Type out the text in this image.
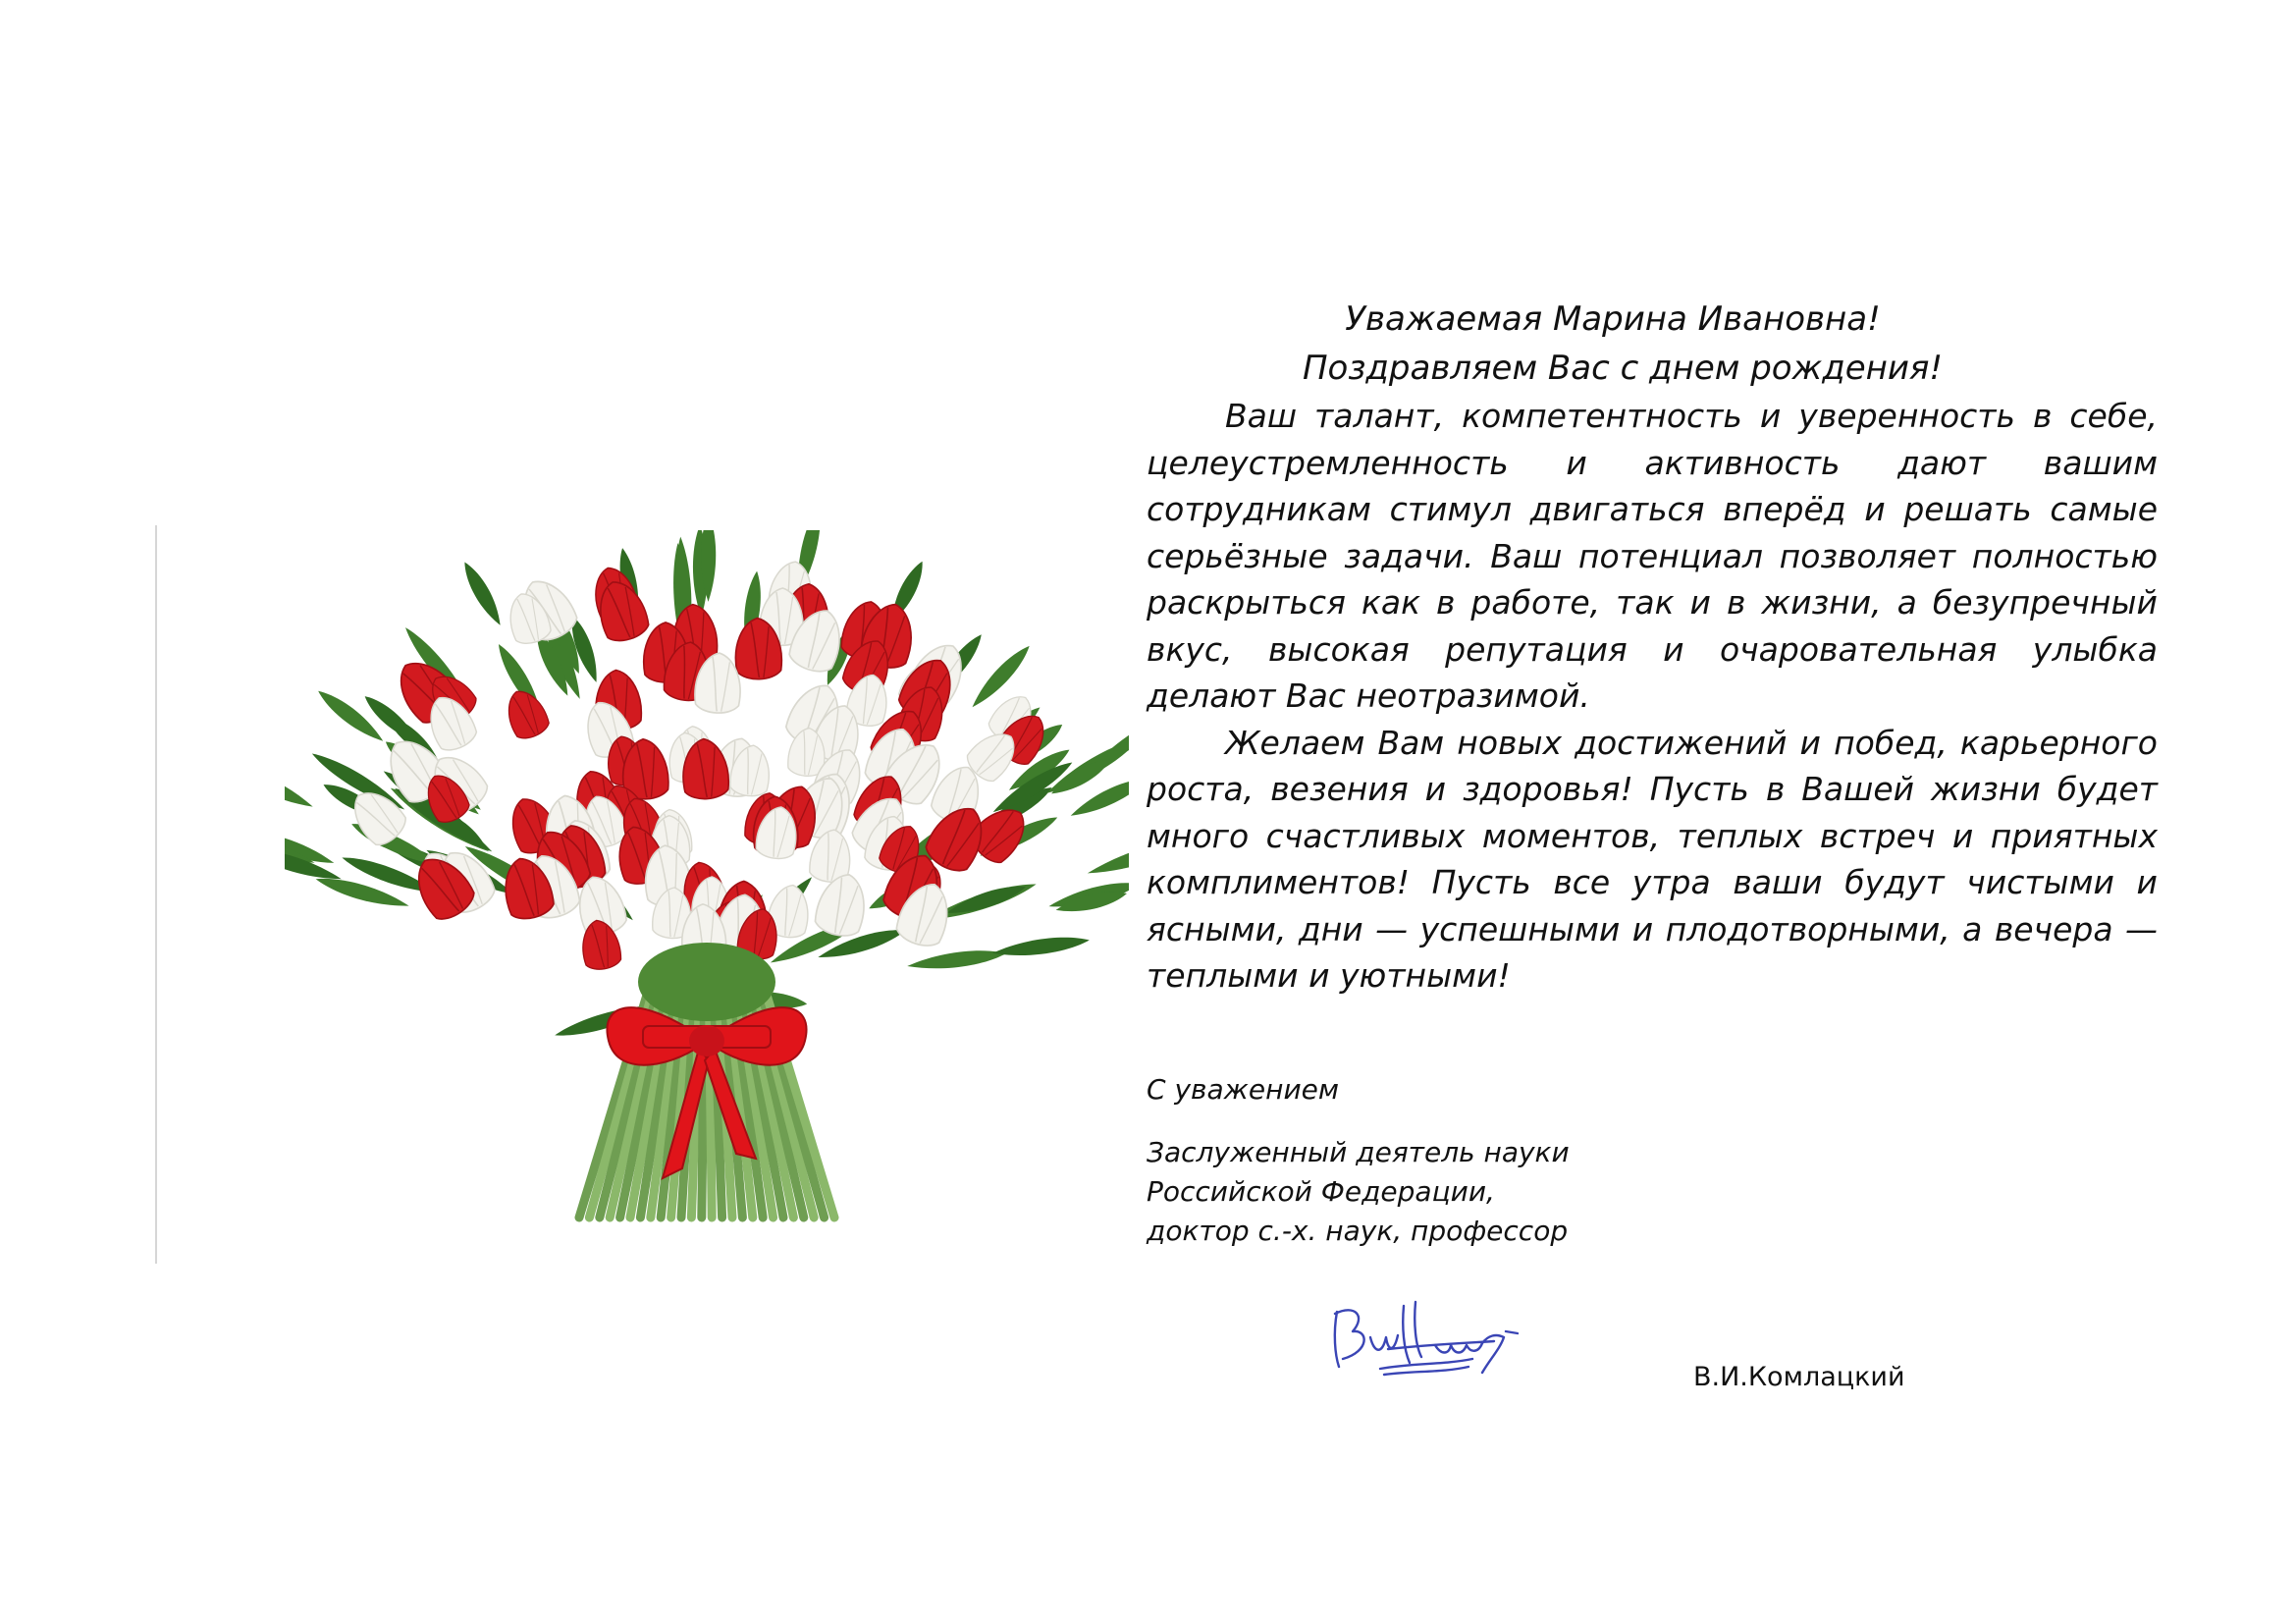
Уважаемая Марина Ивановна!

Поздравляем Вас с днем рождения!

Ваш талант, компетентность и уверенность в себе, целеустремленность и активность дают вашим сотрудникам стимул двигаться вперёд и решать самые серьёзные задачи. Ваш потенциал позволяет полностью раскрыться как в работе, так и в жизни, а безупречный вкус, высокая репутация и очаровательная улыбка делают Вас неотразимой.

Желаем Вам новых достижений и побед, карьерного роста, везения и здоровья! Пусть в Вашей жизни будет много счастливых моментов, теплых встреч и приятных комплиментов! Пусть все утра ваши будут чистыми и ясными, дни — успешными и плодотворными, а вечера — теплыми и уютными!

С уважением

Заслуженный деятель науки

Российской Федерации,

доктор с.-х. наук, профессор

В.И.Комлацкий
